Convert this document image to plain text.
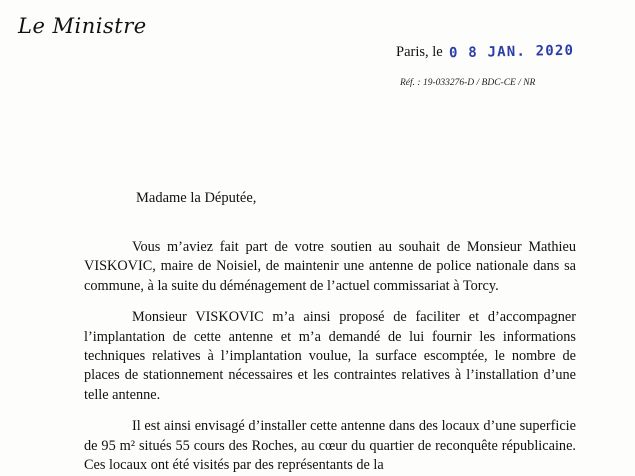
Le Ministre
Paris, le 0 8 JAN. 2020
Réf. : 19-033276-D / BDC-CE / NR
Madame la Députée,

Vous m’aviez fait part de votre soutien au souhait de Monsieur Mathieu VISKOVIC, maire de Noisiel, de maintenir une antenne de police nationale dans sa commune, à la suite du déménagement de l’actuel commissariat à Torcy.

Monsieur VISKOVIC m’a ainsi proposé de faciliter et d’accompagner l’implantation de cette antenne et m’a demandé de lui fournir les informations techniques relatives à l’implantation voulue, la surface escomptée, le nombre de places de stationnement nécessaires et les contraintes relatives à l’installation d’une telle antenne.

Il est ainsi envisagé d’installer cette antenne dans des locaux d’une superficie de 95 m² situés 55 cours des Roches, au cœur du quartier de reconquête républicaine. Ces locaux ont été visités par des représentants de la
